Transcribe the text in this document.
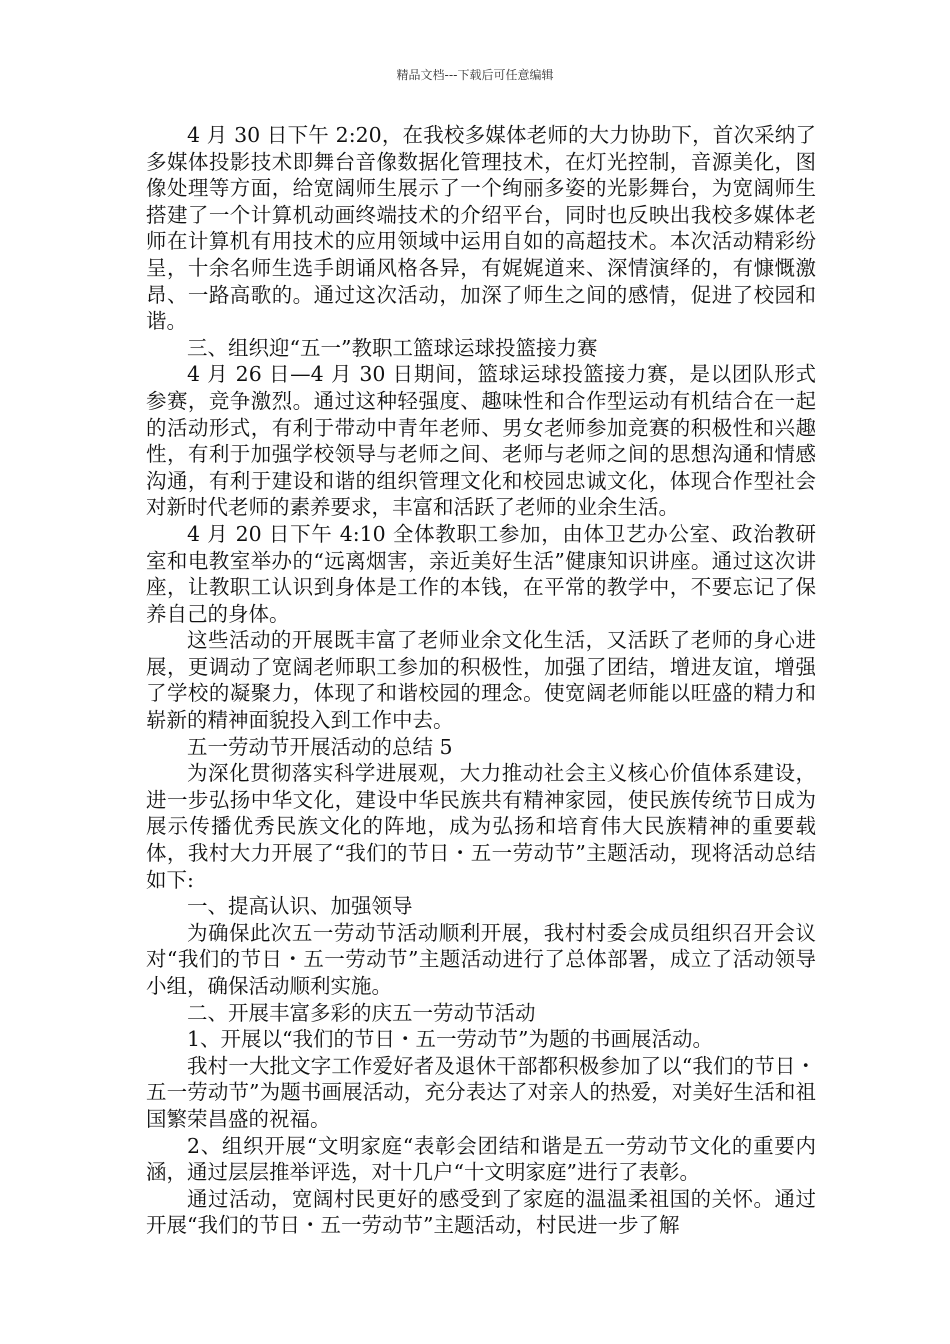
精品文档---下载后可任意编辑

4 月 30 日下午 2:20，在我校多媒体老师的大力协助下，首次采纳了多媒体投影技术即舞台音像数据化管理技术，在灯光控制，音源美化，图像处理等方面，给宽阔师生展示了一个绚丽多姿的光影舞台，为宽阔师生搭建了一个计算机动画终端技术的介绍平台，同时也反映出我校多媒体老师在计算机有用技术的应用领域中运用自如的高超技术。本次活动精彩纷呈，十余名师生选手朗诵风格各异，有娓娓道来、深情演绎的，有慷慨激昂、一路高歌的。通过这次活动，加深了师生之间的感情，促进了校园和谐。

三、组织迎“五一”教职工篮球运球投篮接力赛

4 月 26 日—4 月 30 日期间，篮球运球投篮接力赛，是以团队形式参赛，竞争激烈。通过这种轻强度、趣味性和合作型运动有机结合在一起的活动形式，有利于带动中青年老师、男女老师参加竞赛的积极性和兴趣性，有利于加强学校领导与老师之间、老师与老师之间的思想沟通和情感沟通，有利于建设和谐的组织管理文化和校园忠诚文化，体现合作型社会对新时代老师的素养要求，丰富和活跃了老师的业余生活。

4 月 20 日下午 4:10 全体教职工参加，由体卫艺办公室、政治教研室和电教室举办的“远离烟害，亲近美好生活”健康知识讲座。通过这次讲座，让教职工认识到身体是工作的本钱，在平常的教学中，不要忘记了保养自己的身体。

这些活动的开展既丰富了老师业余文化生活，又活跃了老师的身心进展，更调动了宽阔老师职工参加的积极性，加强了团结，增进友谊，增强了学校的凝聚力，体现了和谐校园的理念。使宽阔老师能以旺盛的精力和崭新的精神面貌投入到工作中去。

五一劳动节开展活动的总结 5

为深化贯彻落实科学进展观，大力推动社会主义核心价值体系建设，进一步弘扬中华文化，建设中华民族共有精神家园，使民族传统节日成为展示传播优秀民族文化的阵地，成为弘扬和培育伟大民族精神的重要载体，我村大力开展了“我们的节日・五一劳动节”主题活动，现将活动总结如下:

一、提高认识、加强领导

为确保此次五一劳动节活动顺利开展，我村村委会成员组织召开会议对“我们的节日・五一劳动节”主题活动进行了总体部署，成立了活动领导小组，确保活动顺利实施。

二、开展丰富多彩的庆五一劳动节活动

1、开展以“我们的节日・五一劳动节”为题的书画展活动。

我村一大批文字工作爱好者及退休干部都积极参加了以“我们的节日・五一劳动节”为题书画展活动，充分表达了对亲人的热爱，对美好生活和祖国繁荣昌盛的祝福。

2、组织开展“文明家庭“表彰会团结和谐是五一劳动节文化的重要内涵，通过层层推举评选，对十几户“十文明家庭”进行了表彰。

通过活动，宽阔村民更好的感受到了家庭的温温柔祖国的关怀。通过开展“我们的节日・五一劳动节”主题活动，村民进一步了解
